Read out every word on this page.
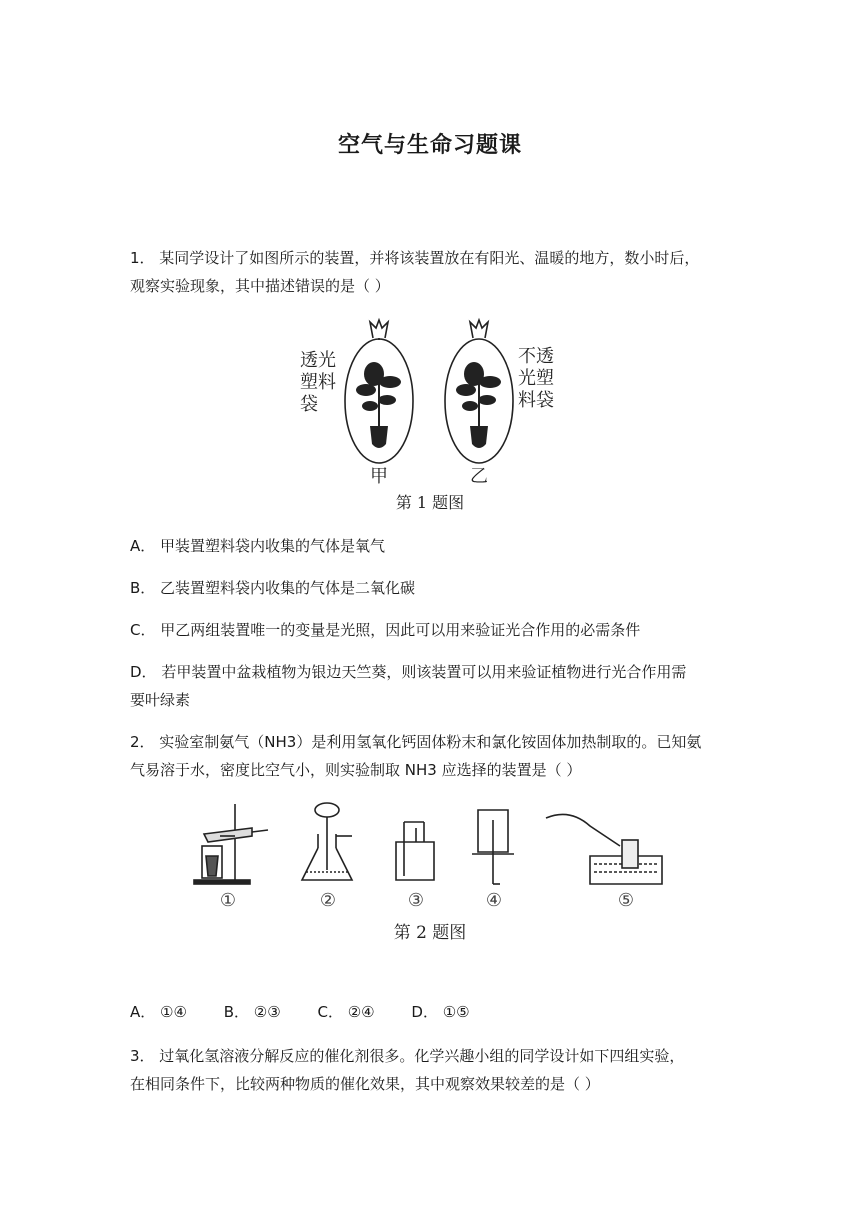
空气与生命习题课
1． 某同学设计了如图所示的装置，并将该装置放在有阳光、温暖的地方，数小时后，
观察实验现象，其中描述错误的是（ ）
透光
塑料
袋
甲	乙
不透
光塑
料袋
第 1 题图
A． 甲装置塑料袋内收集的气体是氧气
B． 乙装置塑料袋内收集的气体是二氧化碳
C． 甲乙两组装置唯一的变量是光照，因此可以用来验证光合作用的必需条件
D． 若甲装置中盆栽植物为银边天竺葵，则该装置可以用来验证植物进行光合作用需
要叶绿素
2． 实验室制氨气（NH3）是利用氢氧化钙固体粉末和氯化铵固体加热制取的。已知氨
气易溶于水，密度比空气小，则实验制取 NH3 应选择的装置是（ ）
①	②	③	④	⑤
第 2 题图
A． ①④ B． ②③ C． ②④ D． ①⑤
3． 过氧化氢溶液分解反应的催化剂很多。化学兴趣小组的同学设计如下四组实验，
在相同条件下，比较两种物质的催化效果，其中观察效果较差的是（ ）
